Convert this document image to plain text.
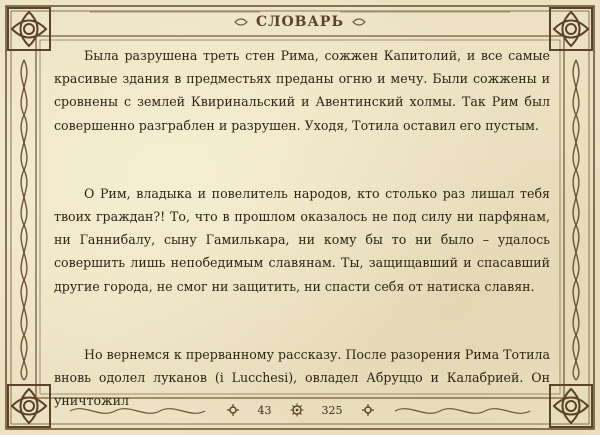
СЛОВАРЬ

Была разрушена треть стен Рима, сожжен Капитолий, и все самые красивые здания в предместьях преданы огню и мечу. Были сожжены и сровнены с землей Квиринальский и Авентинский холмы. Так Рим был совершенно разграблен и разрушен. Уходя, Тотила оставил его пустым.

О Рим, владыка и повелитель народов, кто столько раз лишал тебя твоих граждан?! То, что в прошлом оказалось не под силу ни парфянам, ни Ганнибалу, сыну Гамилькара, ни кому бы то ни было – удалось совершить лишь непобедимым славянам. Ты, защищавший и спасавший другие города, не смог ни защитить, ни спасти себя от натиска славян.

Но вернемся к прерванному рассказу. После разорения Рима Тотила вновь одолел луканов (i Lucchesi), овладел Абруццо и Калабрией. Он уничтожил

43	325
